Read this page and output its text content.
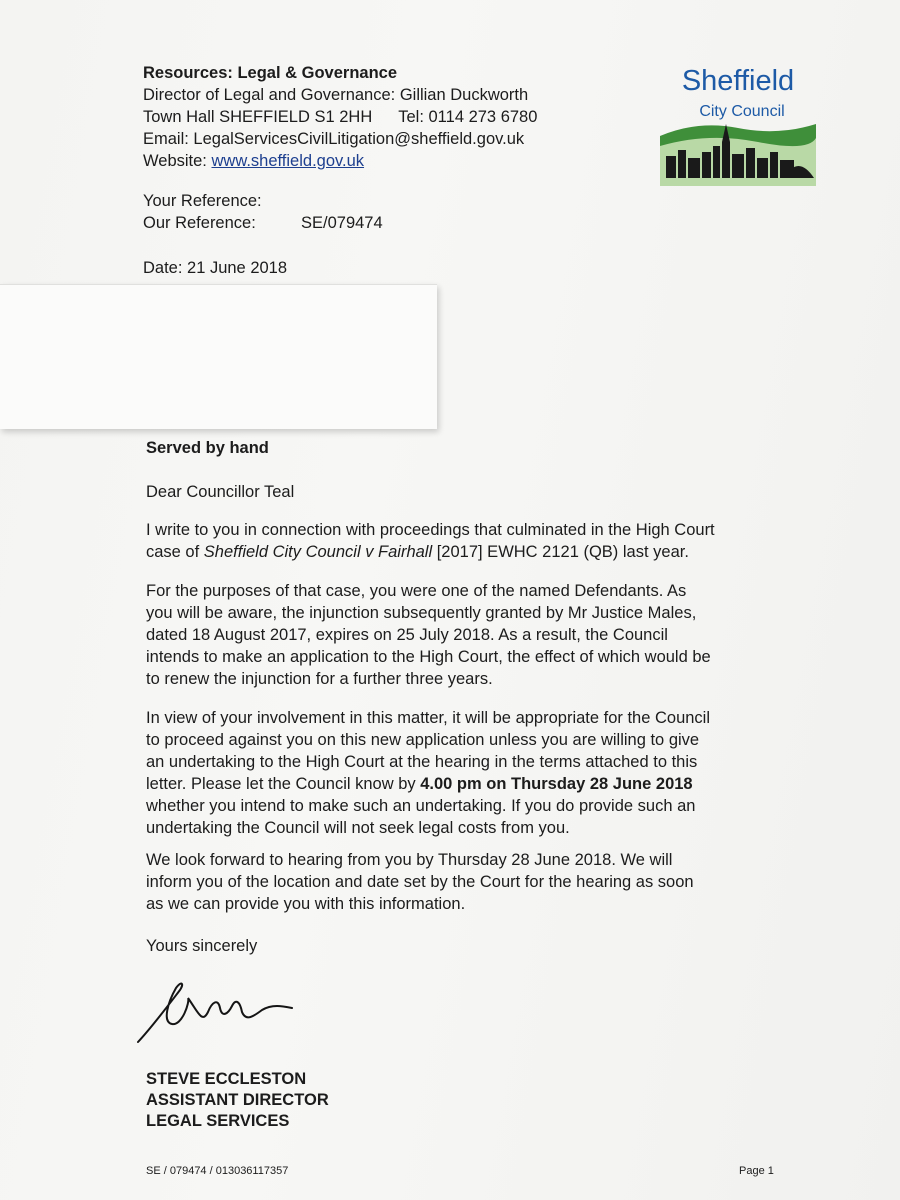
Resources: Legal & Governance
Director of Legal and Governance: Gillian Duckworth
Town Hall SHEFFIELD S1 2HH Tel: 0114 273 6780
Email: LegalServicesCivilLitigation@sheffield.gov.uk
Website: www.sheffield.gov.uk
Sheffield
City Council
Your Reference:
Our Reference:	SE/079474
Date: 21 June 2018
Served by hand
Dear Councillor Teal

I write to you in connection with proceedings that culminated in the High Court

case of Sheffield City Council v Fairhall [2017] EWHC 2121 (QB) last year.

For the purposes of that case, you were one of the named Defendants. As

you will be aware, the injunction subsequently granted by Mr Justice Males,

dated 18 August 2017, expires on 25 July 2018. As a result, the Council

intends to make an application to the High Court, the effect of which would be

to renew the injunction for a further three years.

In view of your involvement in this matter, it will be appropriate for the Council

to proceed against you on this new application unless you are willing to give

an undertaking to the High Court at the hearing in the terms attached to this

letter. Please let the Council know by 4.00 pm on Thursday 28 June 2018

whether you intend to make such an undertaking. If you do provide such an

undertaking the Council will not seek legal costs from you.

We look forward to hearing from you by Thursday 28 June 2018. We will

inform you of the location and date set by the Court for the hearing as soon

as we can provide you with this information.

Yours sincerely
STEVE ECCLESTON
ASSISTANT DIRECTOR
LEGAL SERVICES
SE / 079474 / 013036117357	Page 1
